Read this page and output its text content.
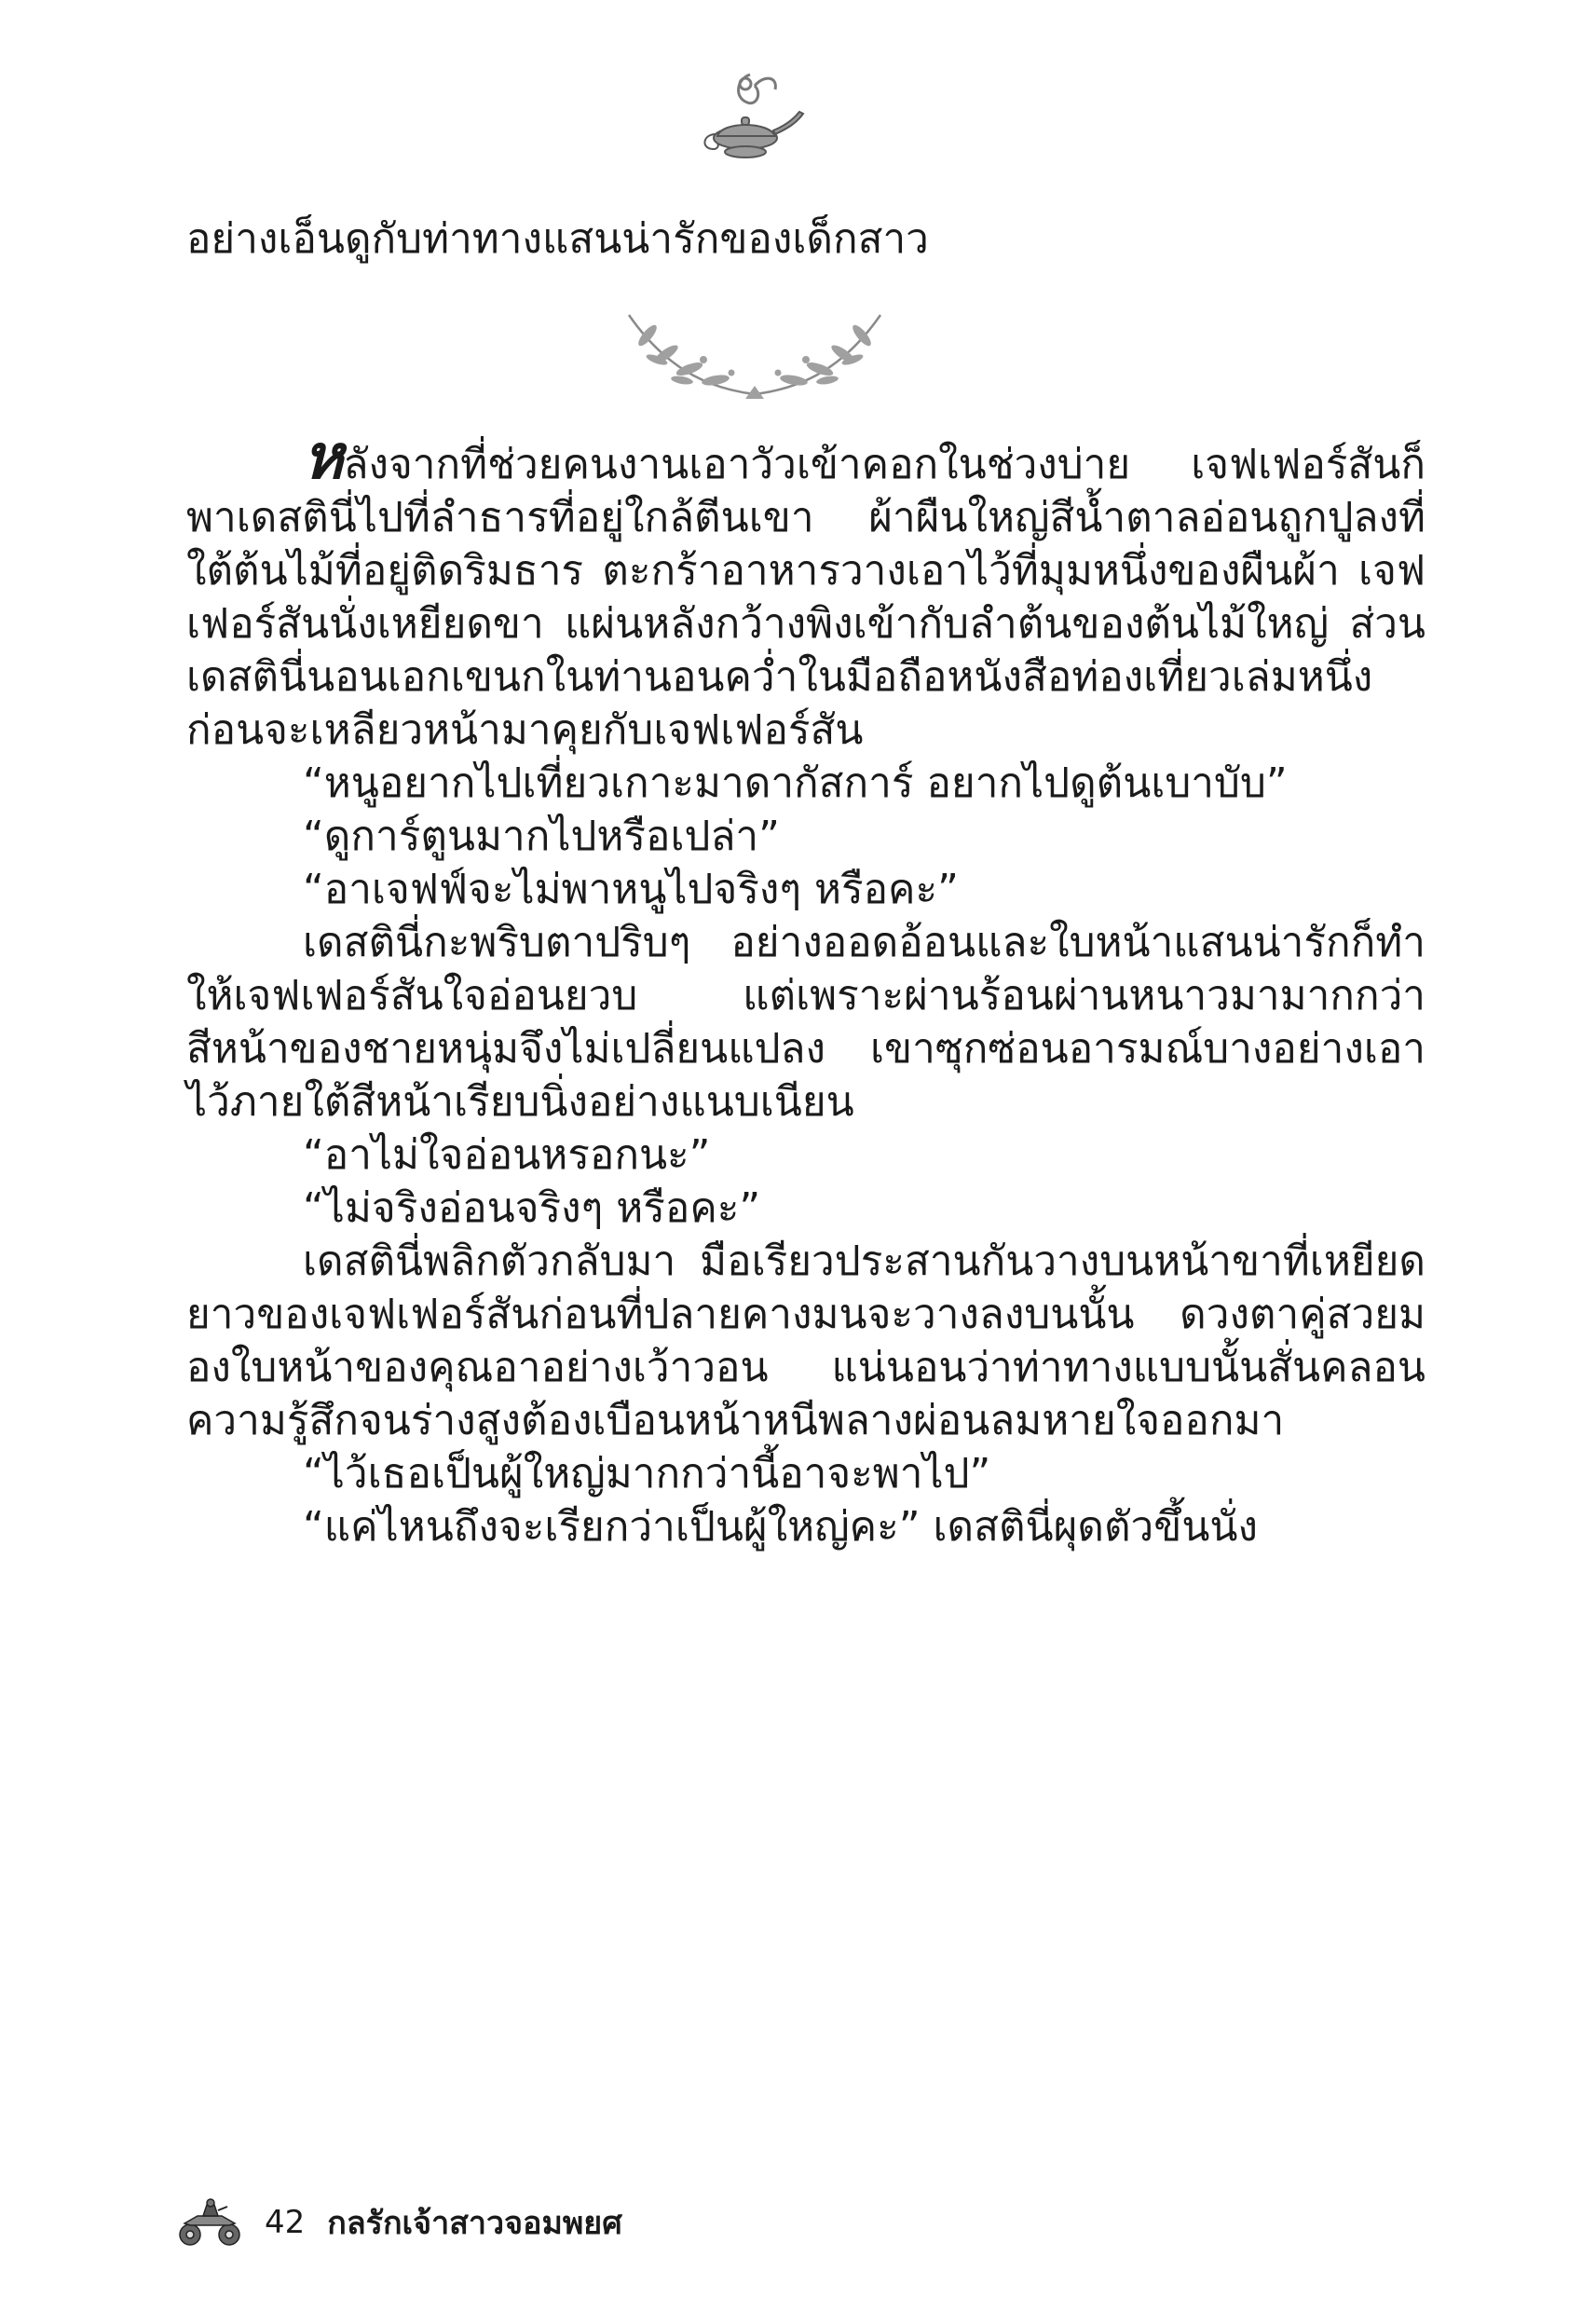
อย่างเอ็นดูกับท่าทางแสนน่ารักของเด็กสาว

หลังจากที่ช่วยคนงานเอาวัวเข้าคอกในช่วงบ่าย เจฟเฟอร์สันก็พาเดสตินี่ไปที่ลำธารที่อยู่ใกล้ตีนเขา ผ้าผืนใหญ่สีน้ำตาลอ่อนถูกปูลงที่ใต้ต้นไม้ที่อยู่ติดริมธาร ตะกร้าอาหารวางเอาไว้ที่มุมหนึ่งของผืนผ้า เจฟเฟอร์สันนั่งเหยียดขา แผ่นหลังกว้างพิงเข้ากับลำต้นของต้นไม้ใหญ่ ส่วนเดสตินี่นอนเอกเขนกในท่านอนคว่ำในมือถือหนังสือท่องเที่ยวเล่มหนึ่งก่อนจะเหลียวหน้ามาคุยกับเจฟเฟอร์สัน

“หนูอยากไปเที่ยวเกาะมาดากัสการ์ อยากไปดูต้นเบาบับ”

“ดูการ์ตูนมากไปหรือเปล่า”

“อาเจฟฟ์จะไม่พาหนูไปจริงๆ หรือคะ”

เดสตินี่กะพริบตาปริบๆ อย่างออดอ้อนและใบหน้าแสนน่ารักก็ทำให้เจฟเฟอร์สันใจอ่อนยวบ แต่เพราะผ่านร้อนผ่านหนาวมามากกว่า สีหน้าของชายหนุ่มจึงไม่เปลี่ยนแปลง เขาซุกซ่อนอารมณ์บางอย่างเอาไว้ภายใต้สีหน้าเรียบนิ่งอย่างแนบเนียน

“อาไม่ใจอ่อนหรอกนะ”

“ไม่จริงอ่อนจริงๆ หรือคะ”

เดสตินี่พลิกตัวกลับมา มือเรียวประสานกันวางบนหน้าขาที่เหยียดยาวของเจฟเฟอร์สันก่อนที่ปลายคางมนจะวางลงบนนั้น ดวงตาคู่สวยมองใบหน้าของคุณอาอย่างเว้าวอน แน่นอนว่าท่าทางแบบนั้นสั่นคลอนความรู้สึกจนร่างสูงต้องเบือนหน้าหนีพลางผ่อนลมหายใจออกมา

“ไว้เธอเป็นผู้ใหญ่มากกว่านี้อาจะพาไป”

“แค่ไหนถึงจะเรียกว่าเป็นผู้ใหญ่คะ” เดสตินี่ผุดตัวขึ้นนั่ง

42 กลรักเจ้าสาวจอมพยศ
